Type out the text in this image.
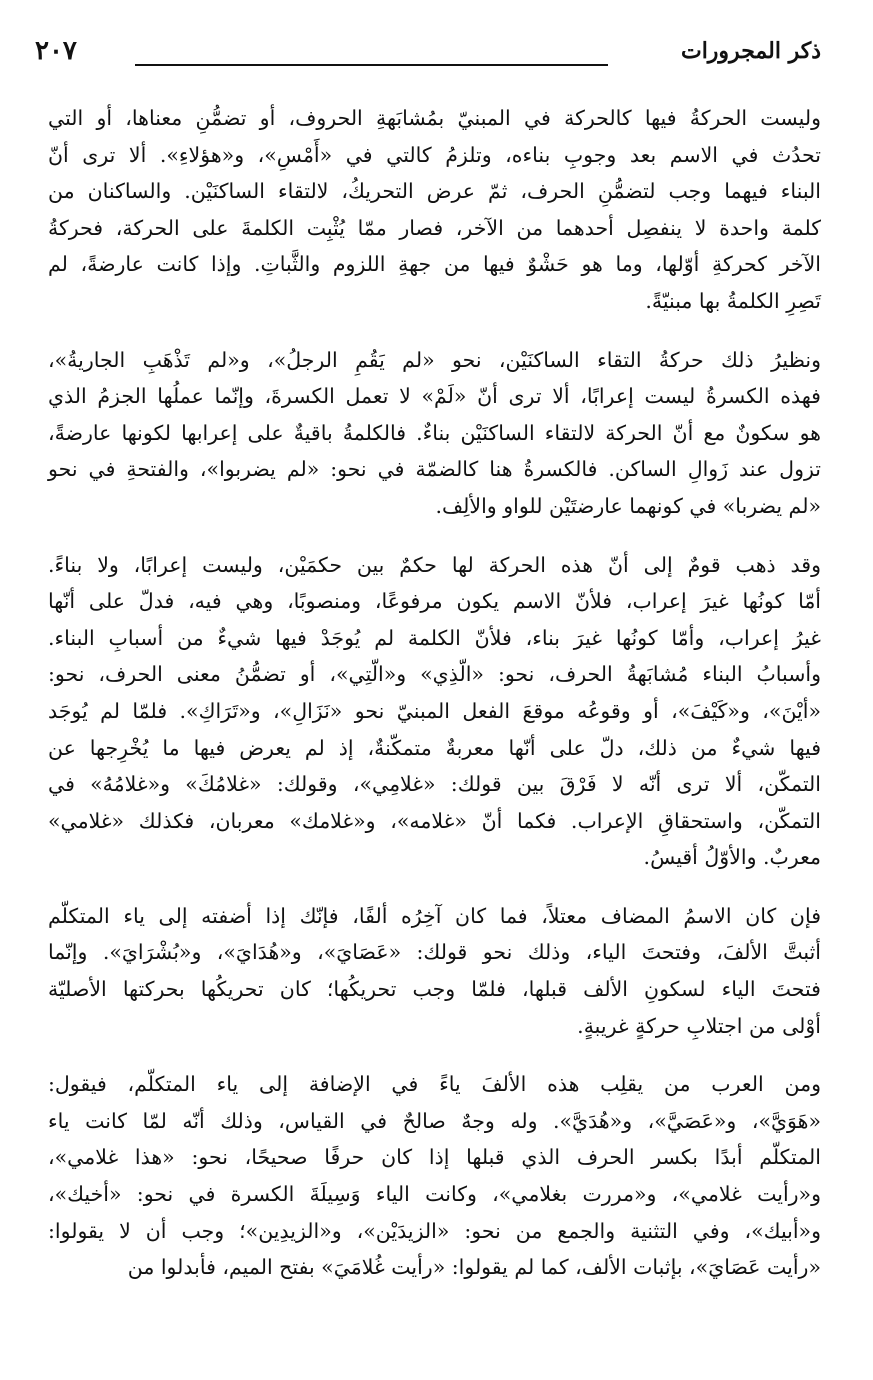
ذكر المجرورات
٢٠٧
وليست الحركةُ فيها كالحركة في المبنيّ بمُشابَهةِ الحروف، أو تضمُّنِ معناها، أو التي
تحدُث في الاسم بعد وجوبِ بناءه، وتلزمُ كالتي في «أَمْسِ»، و«هؤلاءِ». ألا ترى أنّ
البناء فيهما وجب لتضمُّنِ الحرف، ثمّ عرض التحريكُ، لالتقاء الساكنَيْن. والساكنان من
كلمة واحدة لا ينفصِل أحدهما من الآخر، فصار ممّا يُثْبِت الكلمةَ على الحركة، فحركةُ
الآخر كحركةِ أوّلها، وما هو حَشْوٌ فيها من جهةِ اللزوم والثَّباتِ. وإذا كانت عارضةً، لم
تَصِرِ الكلمةُ بها مبنيّةً.
ونظيرُ ذلك حركةُ التقاء الساكنَيْن، نحو «لم يَقُمِ الرجلُ»، و«لم تَذْهَبِ الجاريةُ»،
فهذه الكسرةُ ليست إعرابًا، ألا ترى أنّ «لَمْ» لا تعمل الكسرةَ، وإنّما عملُها الجزمُ الذي
هو سكونٌ مع أنّ الحركة لالتقاء الساكنَيْن بناءٌ. فالكلمةُ باقيةٌ على إعرابها لكونها عارضةً،
تزول عند زَوالِ الساكن. فالكسرةُ هنا كالضمّة في نحو: «لم يضربوا»، والفتحةِ في نحو
«لم يضربا» في كونهما عارضتَيْن للواو والألِف.
وقد ذهب قومٌ إلى أنّ هذه الحركة لها حكمٌ بين حكمَيْن، وليست إعرابًا، ولا بناءً.
أمّا كونُها غيرَ إعراب، فلأنّ الاسم يكون مرفوعًا، ومنصوبًا، وهي فيه، فدلّ على أنّها
غيرُ إعراب، وأمّا كونُها غيرَ بناء، فلأنّ الكلمة لم يُوجَدْ فيها شيءٌ من أسبابِ البناء.
وأسبابُ البناء مُشابَهةُ الحرف، نحو: «الّذِي» و«الّتِي»، أو تضمُّنُ معنى الحرف، نحو:
«أيْنَ»، و«كَيْفَ»، أو وقوعُه موقعَ الفعل المبنيّ نحو «نَزَالِ»، و«تَرَاكِ». فلمّا لم يُوجَد
فيها شيءٌ من ذلك، دلّ على أنّها معربةٌ متمكّنةٌ، إذ لم يعرض فيها ما يُخْرِجها عن
التمكّن، ألا ترى أنّه لا فَرْقَ بين قولك: «غلامِي»، وقولك: «غلامُكَ» و«غلامُهُ» في
التمكّن، واستحقاقِ الإعراب. فكما أنّ «غلامه»، و«غلامك» معربان، فكذلك «غلامي»
معربٌ. والأوّلُ أقيسُ.
فإن كان الاسمُ المضاف معتلاً، فما كان آخِرُه ألفًا، فإنّك إذا أضفته إلى ياء المتكلّم
أثبتَّ الألفَ، وفتحتَ الياء، وذلك نحو قولك: «عَصَايَ»، و«هُدَايَ»، و«بُشْرَايَ». وإنّما
فتحتَ الياء لسكونِ الألف قبلها، فلمّا وجب تحريكُها؛ كان تحريكُها بحركتها الأصليّة
أوْلى من اجتلابِ حركةٍ غريبةٍ.
ومن العرب من يقلِب هذه الألفَ ياءً في الإضافة إلى ياء المتكلّم، فيقول:
«هَوَيَّ»، و«عَصَيَّ»، و«هُدَيَّ». وله وجهٌ صالحٌ في القياس، وذلك أنّه لمّا كانت ياء
المتكلّم أبدًا بكسر الحرف الذي قبلها إذا كان حرفًا صحيحًا، نحو: «هذا غلامي»،
و«رأيت غلامي»، و«مررت بغلامي»، وكانت الياء وَسِيلَةَ الكسرة في نحو: «أخيك»،
و«أبيك»، وفي التثنية والجمع من نحو: «الزيدَيْن»، و«الزيدِين»؛ وجب أن لا يقولوا:
«رأيت عَصَايَ»، بإثبات الألف، كما لم يقولوا: «رأيت غُلامَيَ» بفتح الميم، فأبدلوا من
